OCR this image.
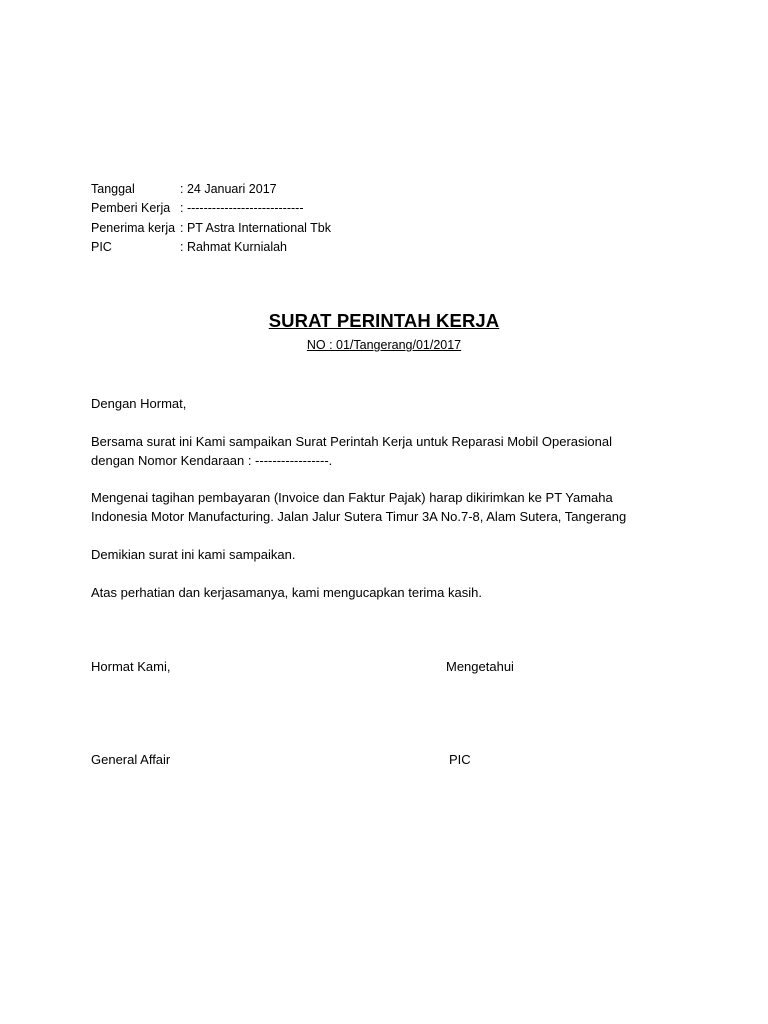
Tanggal	: 24 Januari 2017
Pemberi Kerja : ----------------------------
Penerima kerja : PT Astra International Tbk
PIC	: Rahmat Kurnialah
SURAT PERINTAH KERJA
NO : 01/Tangerang/01/2017
Dengan Hormat,
Bersama surat ini Kami sampaikan Surat Perintah Kerja untuk Reparasi Mobil Operasional
dengan Nomor Kendaraan : -----------------.
Mengenai tagihan pembayaran (Invoice dan Faktur Pajak) harap dikirimkan ke PT Yamaha
Indonesia Motor Manufacturing. Jalan Jalur Sutera Timur 3A No.7-8, Alam Sutera, Tangerang
Demikian surat ini kami sampaikan.
Atas perhatian dan kerjasamanya, kami mengucapkan terima kasih.
Hormat Kami,	Mengetahui
General Affair	PIC
